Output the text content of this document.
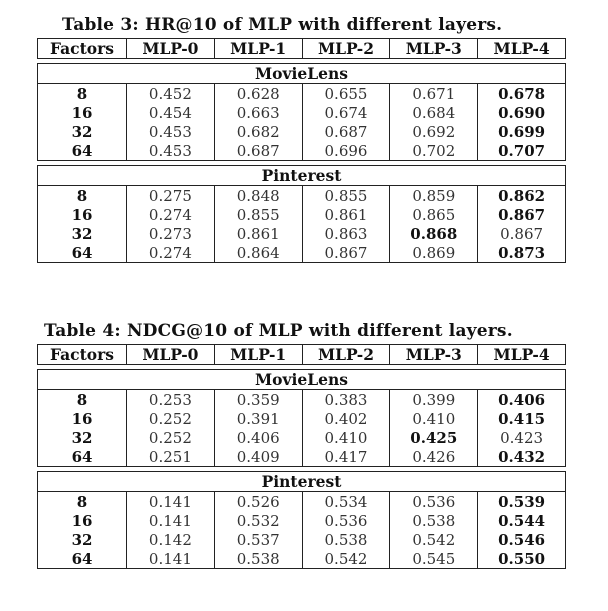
Table 3: HR@10 of MLP with different layers.
Factors	MLP-0	MLP-1	MLP-2	MLP-3	MLP-4

MovieLens					
8	0.452	0.628	0.655	0.671	0.678
16	0.454	0.663	0.674	0.684	0.690
32	0.453	0.682	0.687	0.692	0.699
64	0.453	0.687	0.696	0.702	0.707

Pinterest					
8	0.275	0.848	0.855	0.859	0.862
16	0.274	0.855	0.861	0.865	0.867
32	0.273	0.861	0.863	0.868	0.867
64	0.274	0.864	0.867	0.869	0.873
Table 4: NDCG@10 of MLP with different layers.
Factors	MLP-0	MLP-1	MLP-2	MLP-3	MLP-4

MovieLens					
8	0.253	0.359	0.383	0.399	0.406
16	0.252	0.391	0.402	0.410	0.415
32	0.252	0.406	0.410	0.425	0.423
64	0.251	0.409	0.417	0.426	0.432

Pinterest					
8	0.141	0.526	0.534	0.536	0.539
16	0.141	0.532	0.536	0.538	0.544
32	0.142	0.537	0.538	0.542	0.546
64	0.141	0.538	0.542	0.545	0.550
